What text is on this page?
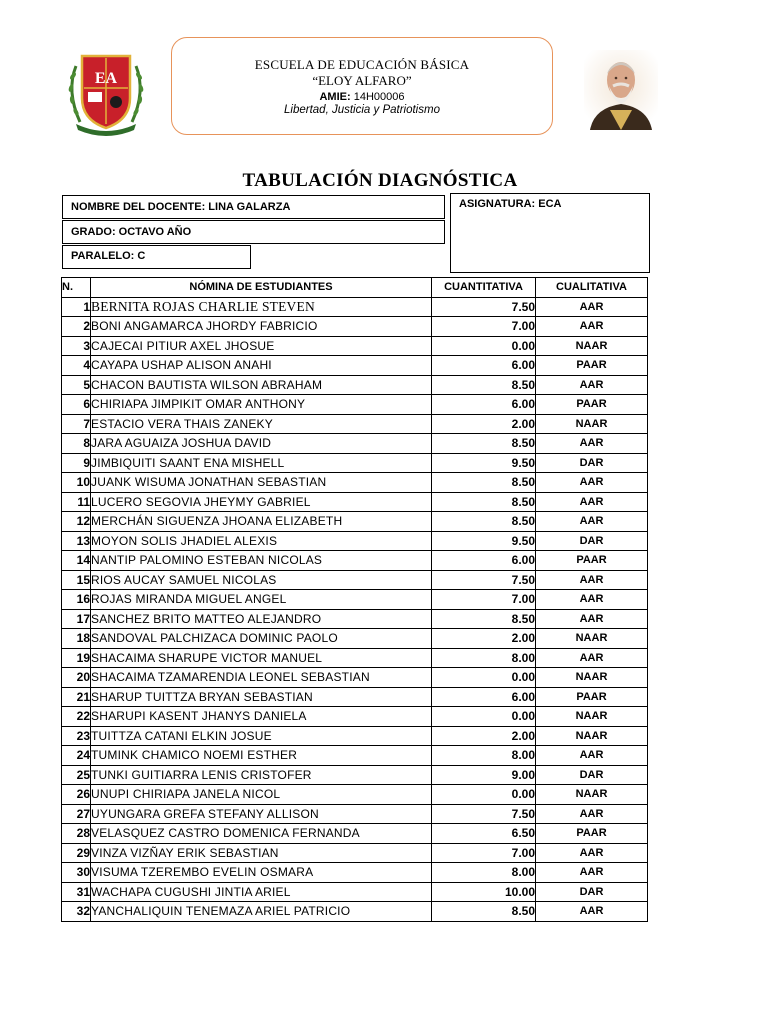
EA
ESCUELA DE EDUCACIÓN BÁSICA
“ELOY ALFARO”
AMIE: 14H00006
Libertad, Justicia y Patriotismo
TABULACIÓN DIAGNÓSTICA
NOMBRE DEL DOCENTE: LINA GALARZA
GRADO: OCTAVO AÑO
PARALELO: C
ASIGNATURA: ECA
N.	NÓMINA DE ESTUDIANTES	CUANTITATIVA	CUALITATIVA
1	BERNITA ROJAS CHARLIE STEVEN	7.50	AAR
2	BONI ANGAMARCA JHORDY FABRICIO	7.00	AAR
3	CAJECAI PITIUR AXEL JHOSUE	0.00	NAAR
4	CAYAPA USHAP ALISON ANAHI	6.00	PAAR
5	CHACON BAUTISTA WILSON ABRAHAM	8.50	AAR
6	CHIRIAPA JIMPIKIT OMAR ANTHONY	6.00	PAAR
7	ESTACIO VERA THAIS ZANEKY	2.00	NAAR
8	JARA AGUAIZA JOSHUA DAVID	8.50	AAR
9	JIMBIQUITI SAANT ENA MISHELL	9.50	DAR
10	JUANK WISUMA JONATHAN SEBASTIAN	8.50	AAR
11	LUCERO SEGOVIA JHEYMY GABRIEL	8.50	AAR
12	MERCHÁN SIGUENZA JHOANA ELIZABETH	8.50	AAR
13	MOYON SOLIS JHADIEL ALEXIS	9.50	DAR
14	NANTIP PALOMINO ESTEBAN NICOLAS	6.00	PAAR
15	RIOS AUCAY SAMUEL NICOLAS	7.50	AAR
16	ROJAS MIRANDA MIGUEL ANGEL	7.00	AAR
17	SANCHEZ BRITO MATTEO ALEJANDRO	8.50	AAR
18	SANDOVAL PALCHIZACA DOMINIC PAOLO	2.00	NAAR
19	SHACAIMA SHARUPE VICTOR MANUEL	8.00	AAR
20	SHACAIMA TZAMARENDIA LEONEL SEBASTIAN	0.00	NAAR
21	SHARUP TUITTZA BRYAN SEBASTIAN	6.00	PAAR
22	SHARUPI KASENT JHANYS DANIELA	0.00	NAAR
23	TUITTZA CATANI ELKIN JOSUE	2.00	NAAR
24	TUMINK CHAMICO NOEMI ESTHER	8.00	AAR
25	TUNKI GUITIARRA LENIS CRISTOFER	9.00	DAR
26	UNUPI CHIRIAPA JANELA NICOL	0.00	NAAR
27	UYUNGARA GREFA STEFANY ALLISON	7.50	AAR
28	VELASQUEZ CASTRO DOMENICA FERNANDA	6.50	PAAR
29	VINZA VIZÑAY ERIK SEBASTIAN	7.00	AAR
30	VISUMA TZEREMBO EVELIN OSMARA	8.00	AAR
31	WACHAPA CUGUSHI JINTIA ARIEL	10.00	DAR
32	YANCHALIQUIN TENEMAZA ARIEL PATRICIO	8.50	AAR
